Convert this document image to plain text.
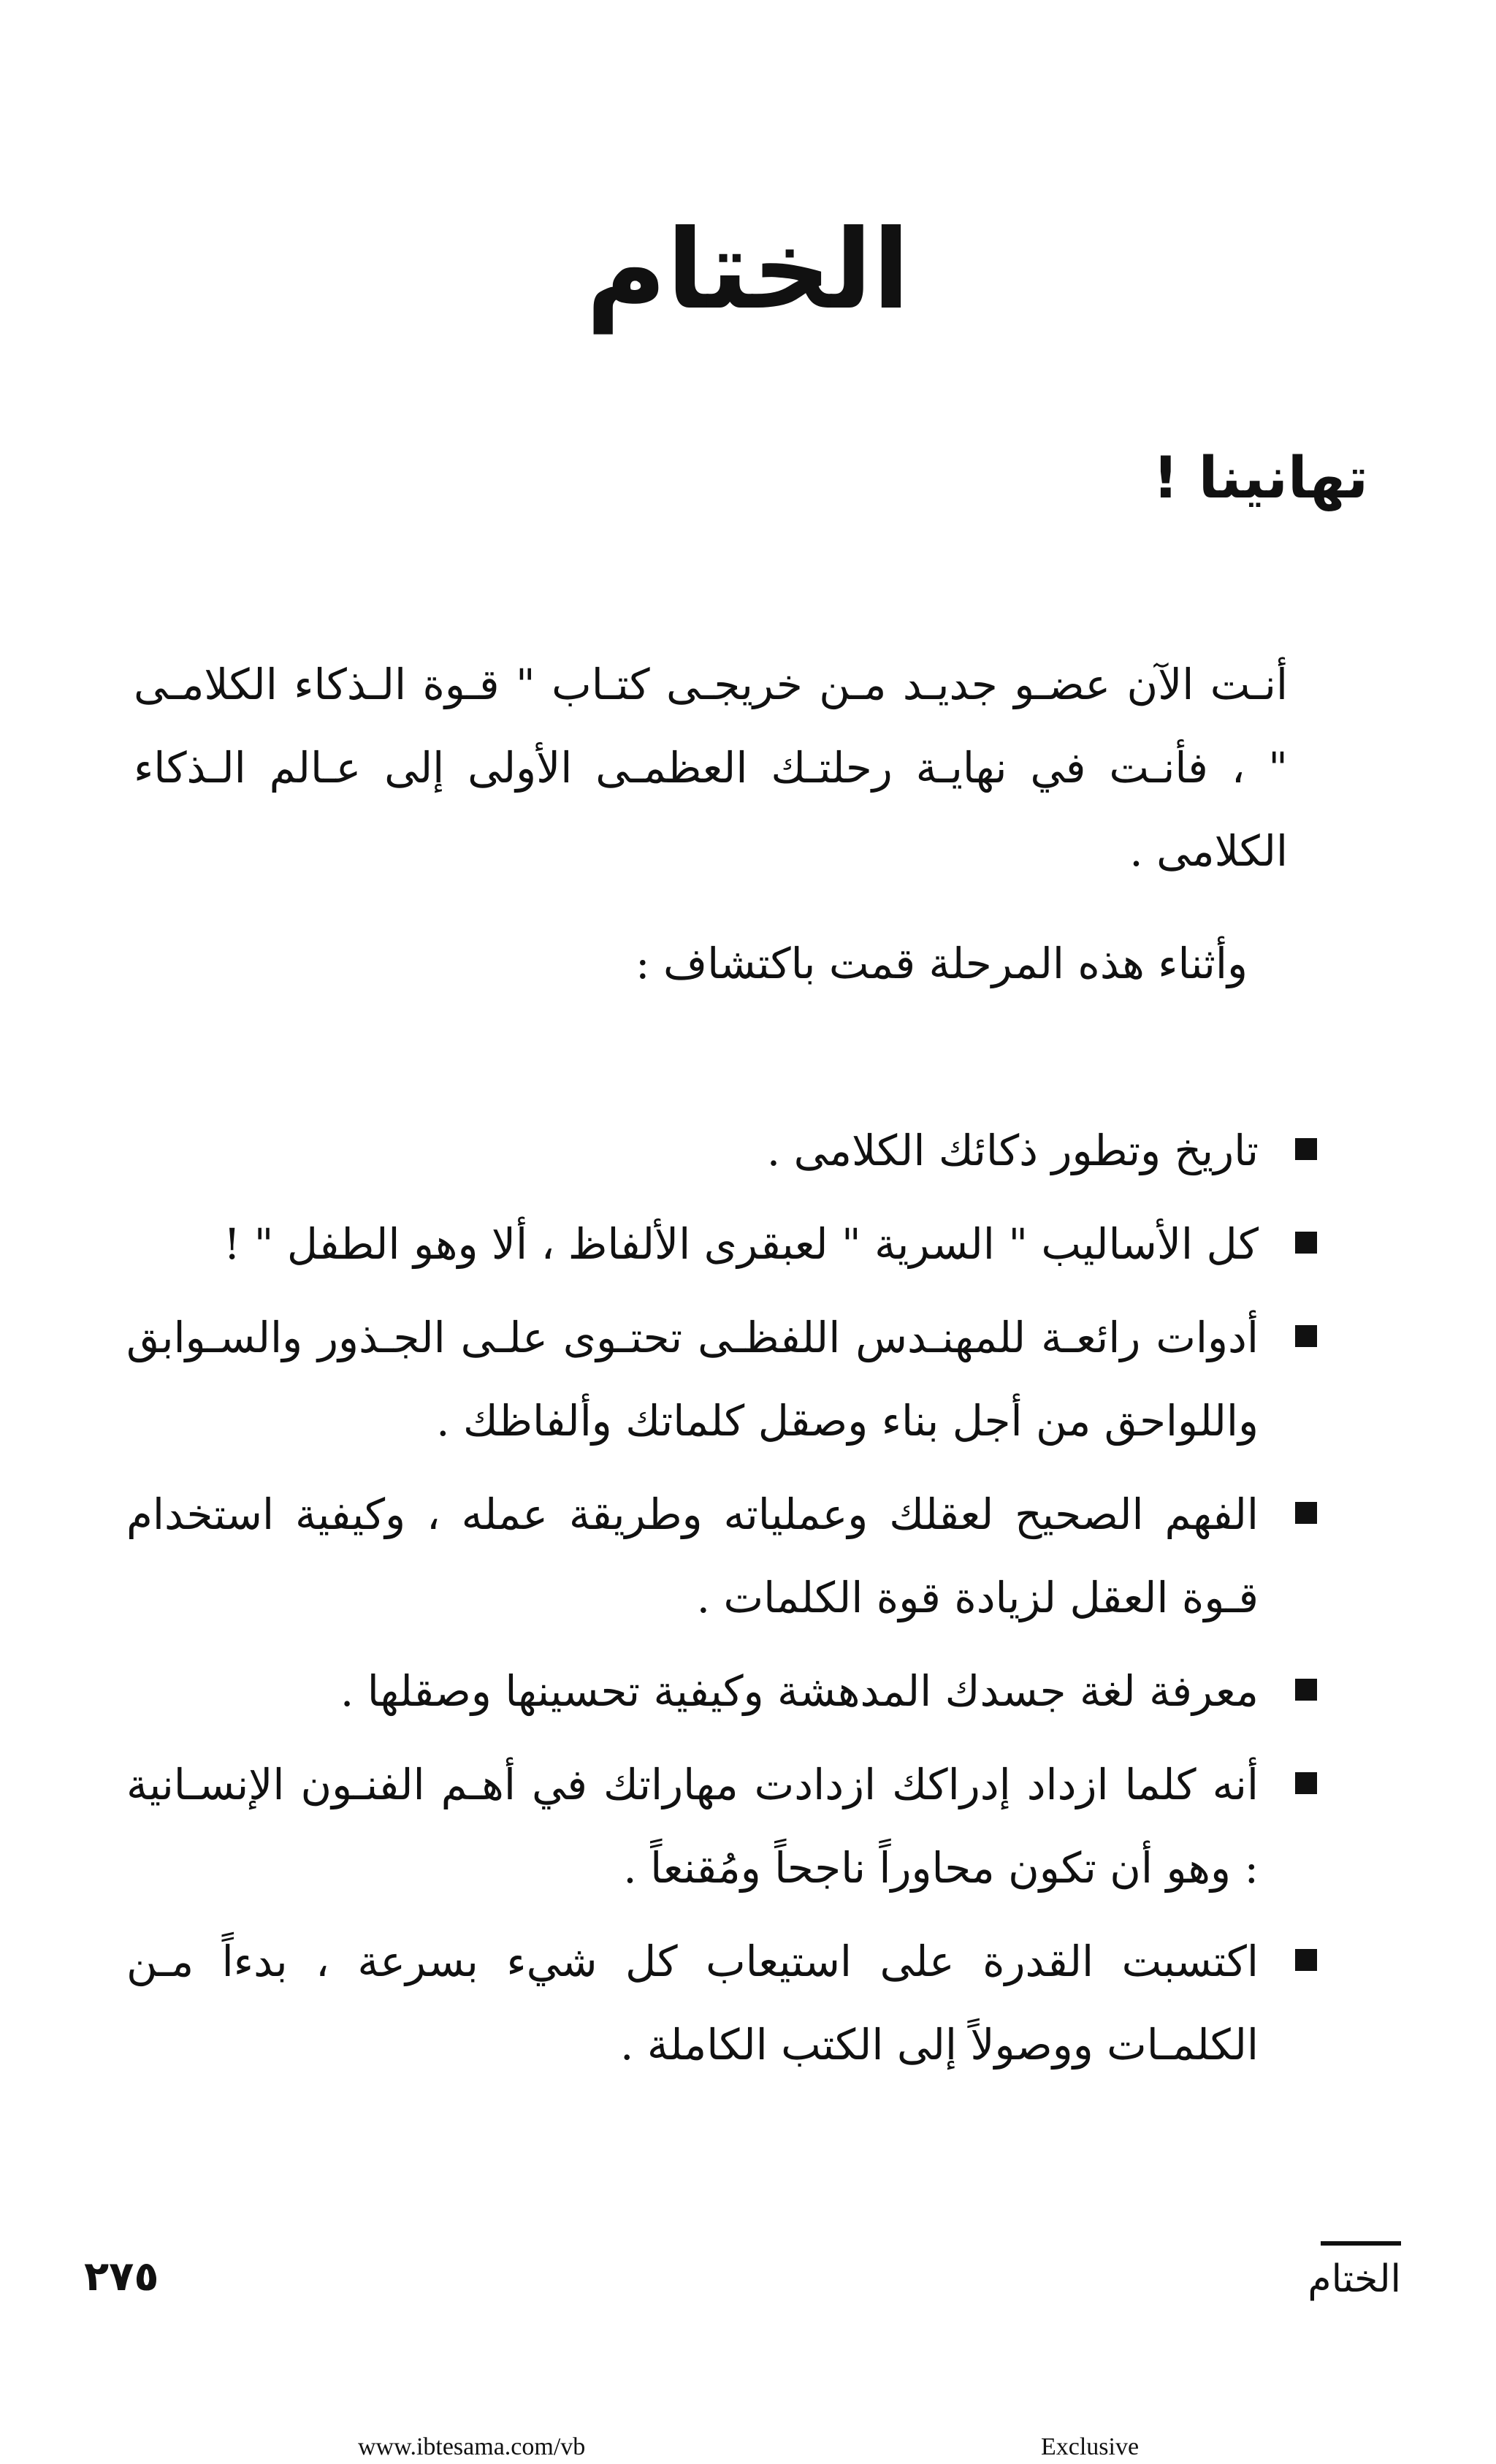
الختام
تهانينا !

أنـت الآن عضـو جديـد مـن خريجـى كتـاب " قـوة الـذكاء الكلامـى " ، فأنـت في نهايـة رحلتـك العظمـى الأولى إلى عـالم الـذكاء الكلامى .

وأثناء هذه المرحلة قمت باكتشاف :

تاريخ وتطور ذكائك الكلامى .
كل الأساليب " السرية " لعبقرى الألفاظ ، ألا وهو الطفل " !
أدوات رائعـة للمهنـدس اللفظـى تحتـوى علـى الجـذور والسـوابق واللواحق من أجل بناء وصقل كلماتك وألفاظك .
الفهم الصحيح لعقلك وعملياته وطريقة عمله ، وكيفية استخدام قـوة العقل لزيادة قوة الكلمات .
معرفة لغة جسدك المدهشة وكيفية تحسينها وصقلها .
أنه كلما ازداد إدراكك ازدادت مهاراتك في أهـم الفنـون الإنسـانية : وهو أن تكون محاوراً ناجحاً ومُقنعاً .
اكتسبت القدرة على استيعاب كل شيء بسرعة ، بدءاً مـن الكلمـات ووصولاً إلى الكتب الكاملة .

الختام

٢٧٥

www.ibtesama.com/vb	Exclusive
